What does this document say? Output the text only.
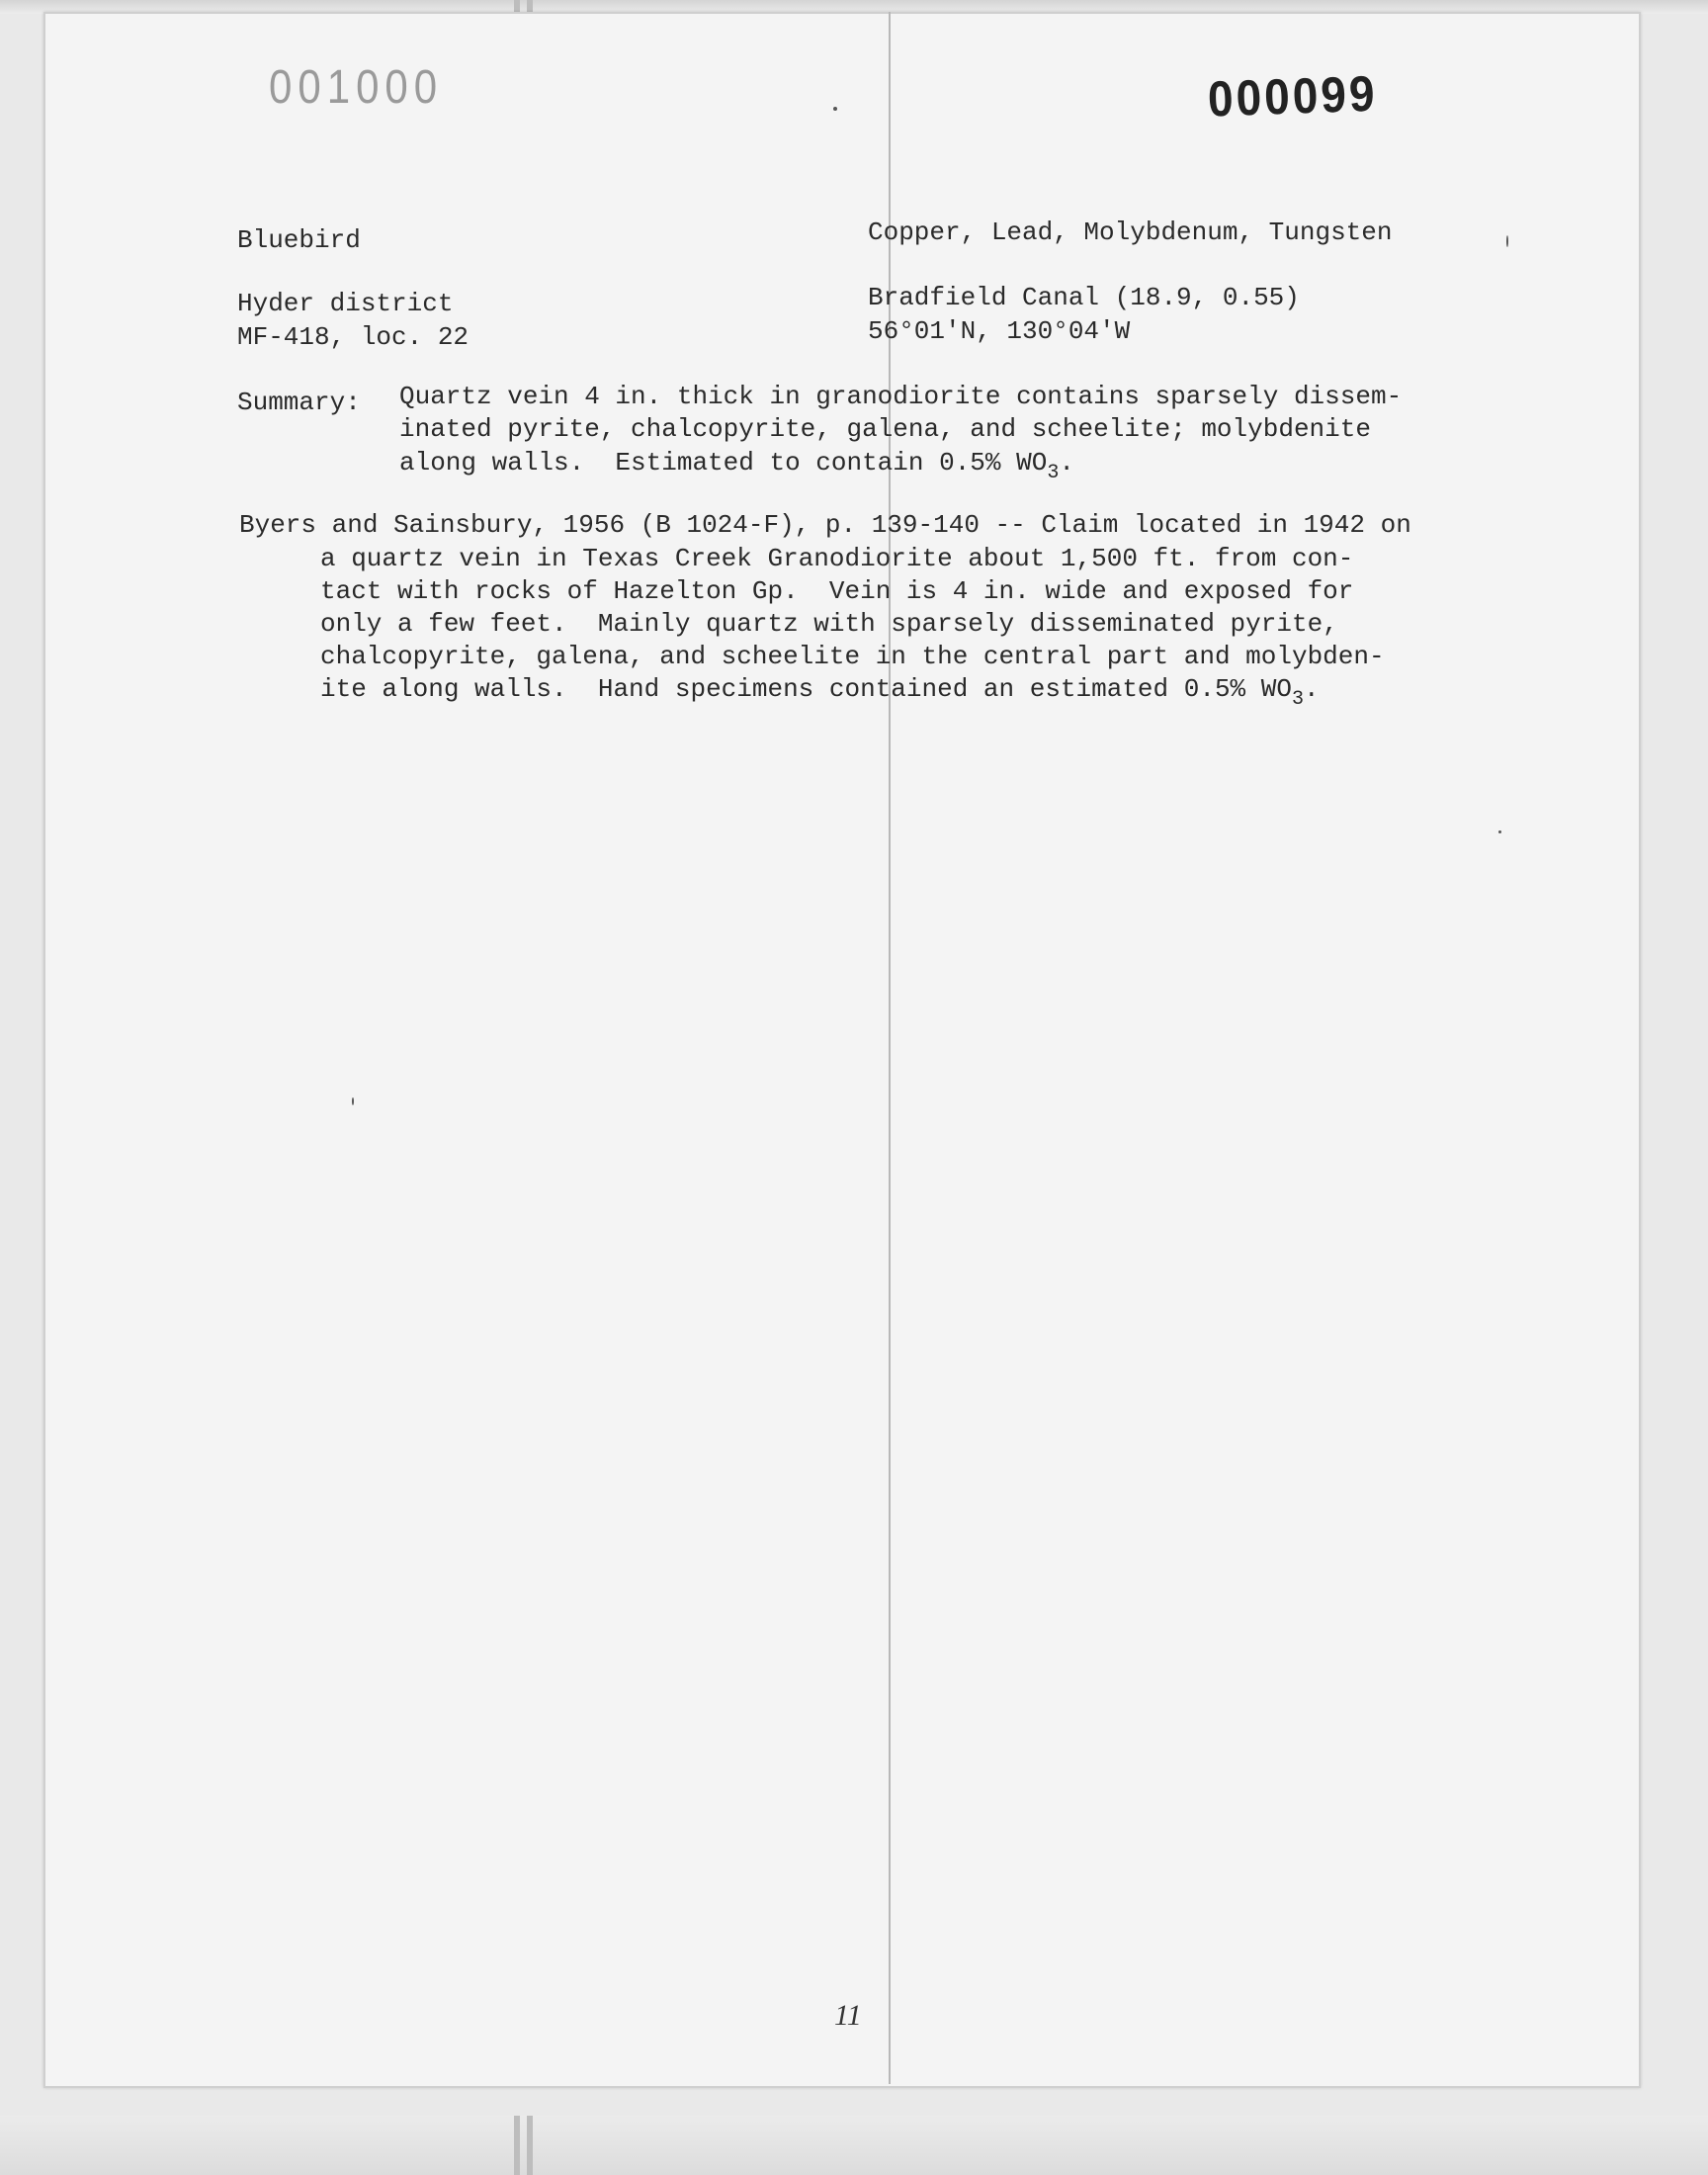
001000	000099
Bluebird	Copper, Lead, Molybdenum, Tungsten
Hyder district
MF-418, loc. 22
Bradfield Canal (18.9, 0.55)
56°01'N, 130°04'W
Summary: Quartz vein 4 in. thick in granodiorite contains sparsely dissem-
inated pyrite, chalcopyrite, galena, and scheelite; molybdenite
along walls.  Estimated to contain 0.5% $WO_3$.
Byers and Sainsbury, 1956 (B 1024-F), p. 139-140 -- Claim located in 1942 on
a quartz vein in Texas Creek Granodiorite about 1,500 ft. from con-
tact with rocks of Hazelton Gp.  Vein is 4 in. wide and exposed for
only a few feet.  Mainly quartz with sparsely disseminated pyrite,
chalcopyrite, galena, and scheelite in the central part and molybden-
ite along walls.  Hand specimens contained an estimated 0.5% $WO_3$.
11
